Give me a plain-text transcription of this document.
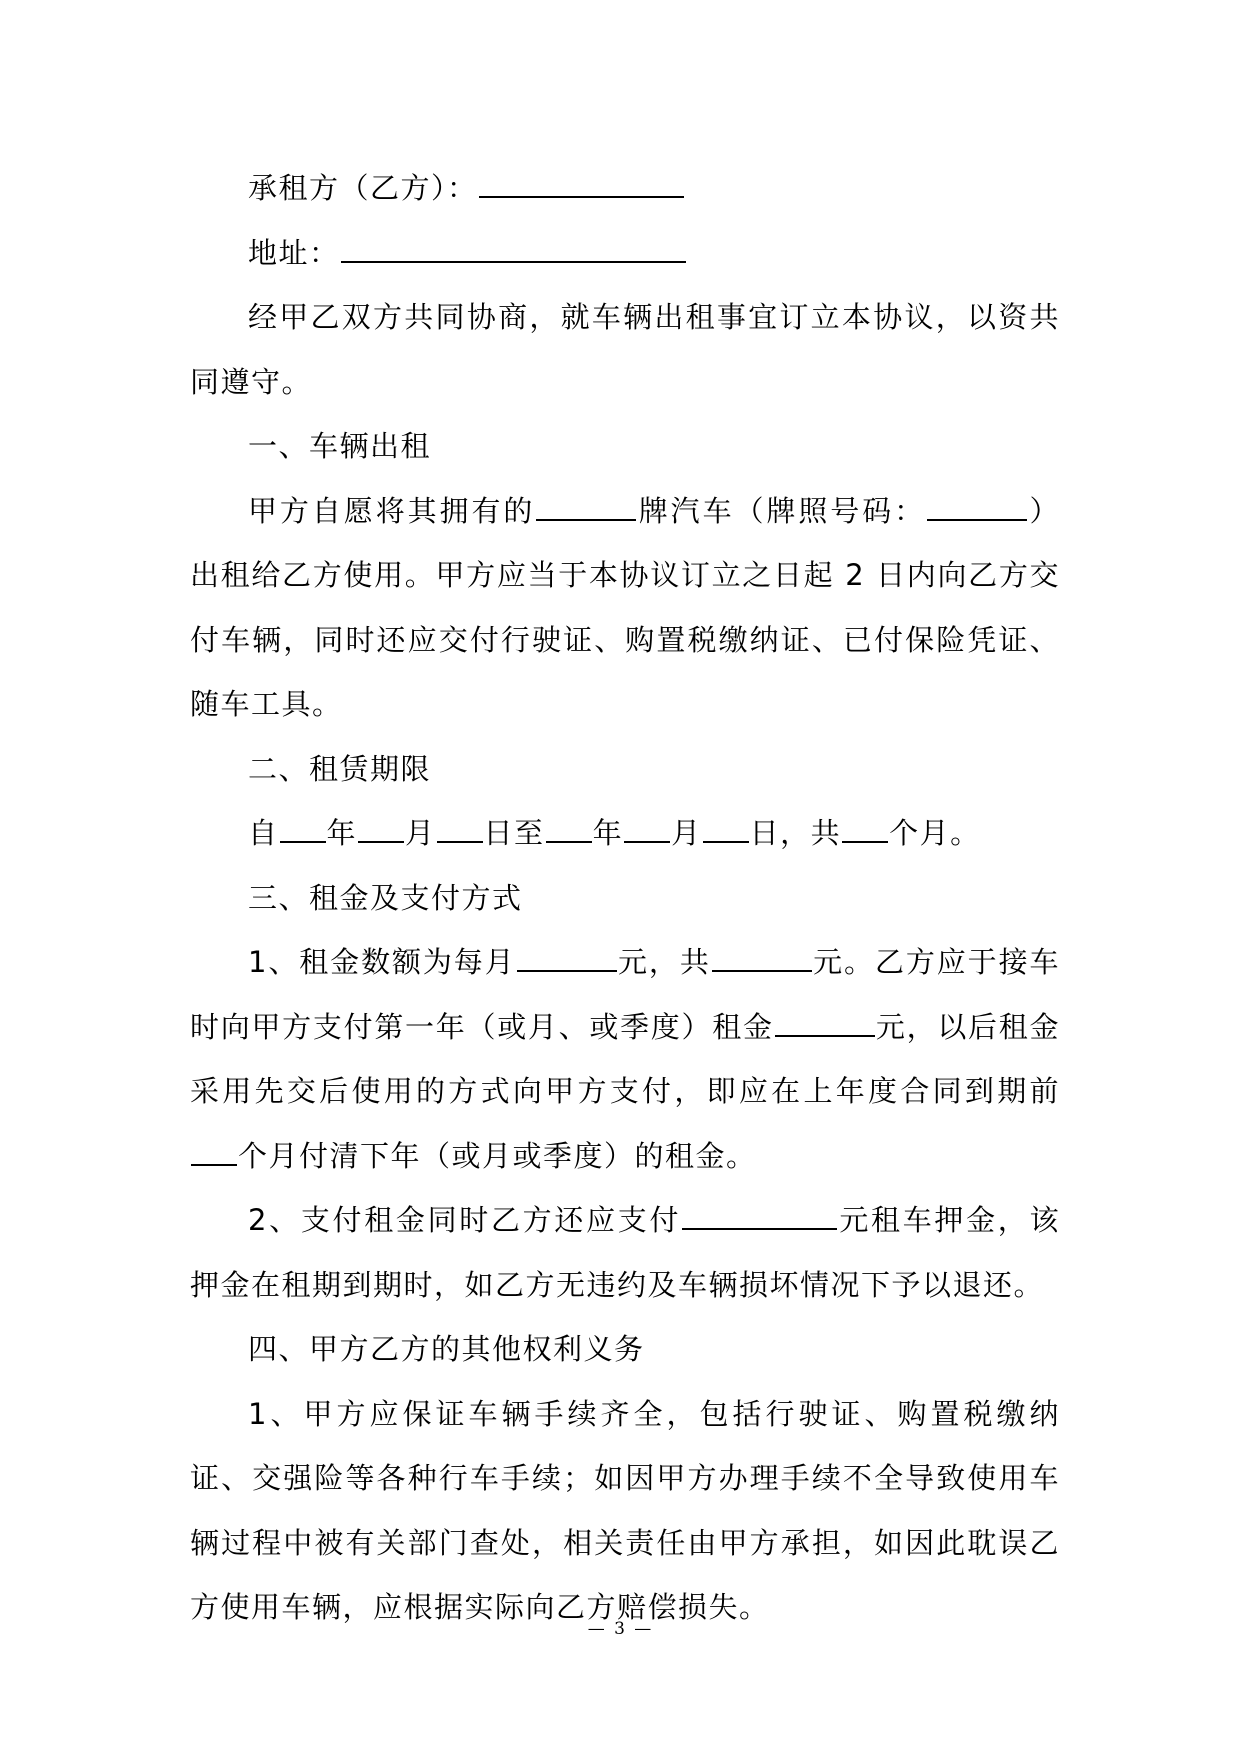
承租方（乙方）：

地址：

经甲乙双方共同协商，就车辆出租事宜订立本协议，以资共同遵守。

一、车辆出租

甲方自愿将其拥有的	牌汽车（牌照号码：	）出租给乙方使用。甲方应当于本协议订立之日起 2 日内向乙方交付车辆，同时还应交付行驶证、购置税缴纳证、已付保险凭证、随车工具。

二、租赁期限

自 年 月 日至 年 月 日，共 个月。

三、租金及支付方式

1、租金数额为每月	元，共	元。乙方应于接车时向甲方支付第一年（或月、或季度）租金	元，以后租金采用先交后使用的方式向甲方支付，即应在上年度合同到期前个月付清下年（或月或季度）的租金。

2、支付租金同时乙方还应支付	元租车押金，该押金在租期到期时，如乙方无违约及车辆损坏情况下予以退还。

四、甲方乙方的其他权利义务

1、甲方应保证车辆手续齐全，包括行驶证、购置税缴纳证、交强险等各种行车手续；如因甲方办理手续不全导致使用车辆过程中被有关部门查处，相关责任由甲方承担，如因此耽误乙方使用车辆，应根据实际向乙方赔偿损失。

— 3 —
